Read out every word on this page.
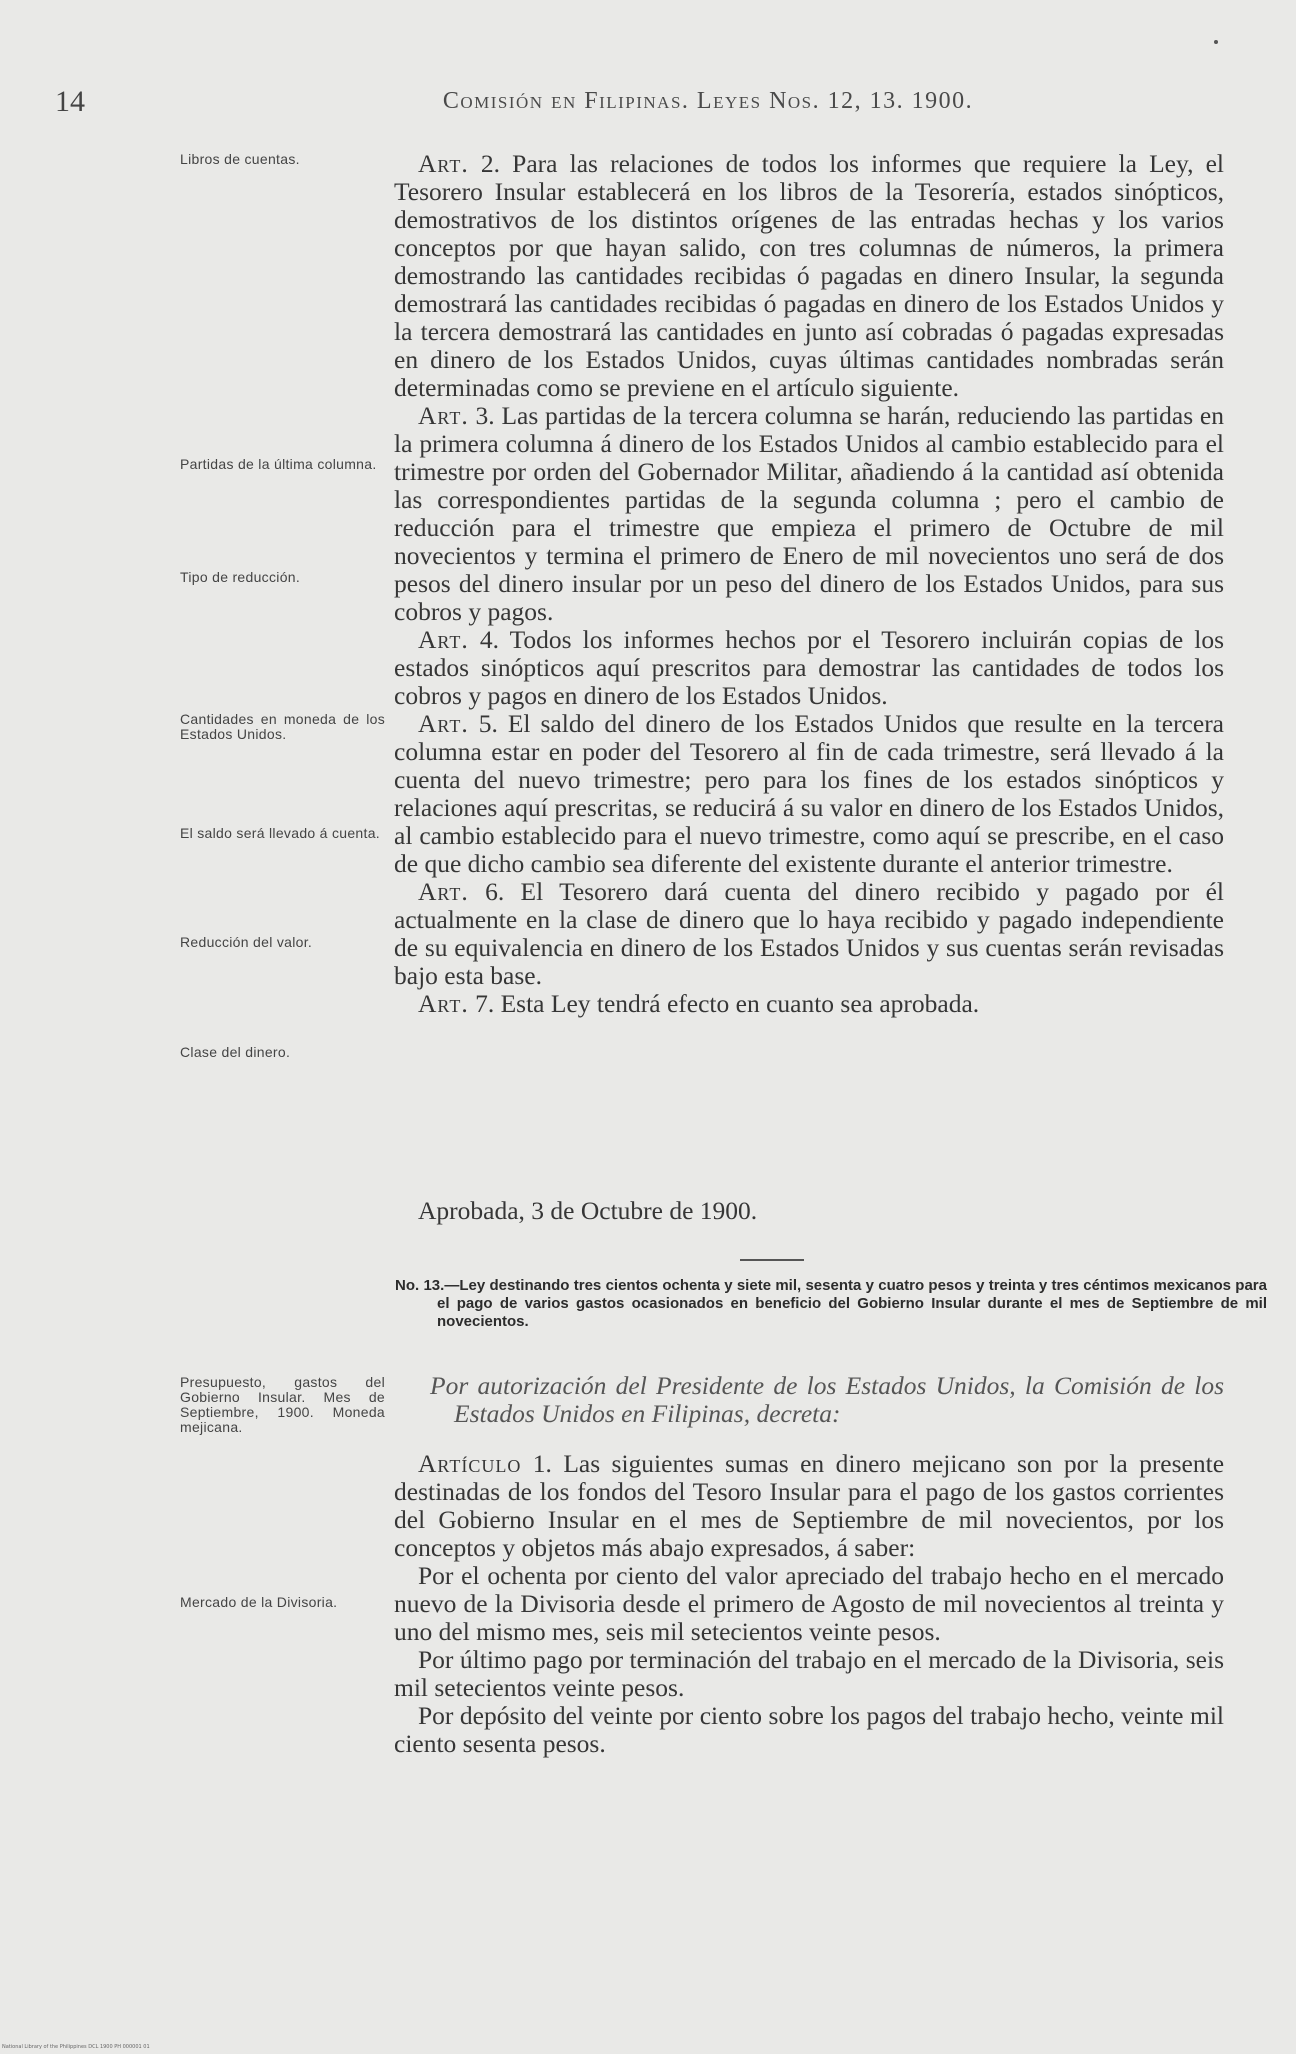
14	Comisión en Filipinas. Leyes Nos. 12, 13. 1900.
Libros de cuentas.
Partidas de la última columna.
Tipo de reducción.
Cantidades en moneda de los Estados Unidos.
El saldo será llevado á cuenta.
Reducción del valor.
Clase del dinero.
Presupuesto, gastos del Gobierno Insular. Mes de Septiembre, 1900. Moneda mejicana.
Mercado de la Divisoria.

Art. 2. Para las relaciones de todos los informes que requiere la Ley, el Tesorero Insular establecerá en los libros de la Tesorería, estados sinópticos, demostrativos de los distintos orígenes de las entradas hechas y los varios conceptos por que hayan salido, con tres columnas de números, la primera demostrando las cantidades recibidas ó pagadas en dinero Insular, la segunda demostrará las cantidades recibidas ó pagadas en dinero de los Estados Unidos y la tercera demostrará las cantidades en junto así cobradas ó pagadas expresadas en dinero de los Estados Unidos, cuyas últimas cantidades nombradas serán determinadas como se previene en el artículo siguiente.

Art. 3. Las partidas de la tercera columna se harán, reduciendo las partidas en la primera columna á dinero de los Estados Unidos al cambio establecido para el trimestre por orden del Gobernador Militar, añadiendo á la cantidad así obtenida las correspondientes partidas de la segunda columna ; pero el cambio de reducción para el trimestre que empieza el primero de Octubre de mil novecientos y termina el primero de Enero de mil novecientos uno será de dos pesos del dinero insular por un peso del dinero de los Estados Unidos, para sus cobros y pagos.

Art. 4. Todos los informes hechos por el Tesorero incluirán copias de los estados sinópticos aquí prescritos para demostrar las cantidades de todos los cobros y pagos en dinero de los Estados Unidos.

Art. 5. El saldo del dinero de los Estados Unidos que resulte en la tercera columna estar en poder del Tesorero al fin de cada trimestre, será llevado á la cuenta del nuevo trimestre; pero para los fines de los estados sinópticos y relaciones aquí prescritas, se reducirá á su valor en dinero de los Estados Unidos, al cambio establecido para el nuevo trimestre, como aquí se prescribe, en el caso de que dicho cambio sea diferente del existente durante el anterior trimestre.

Art. 6. El Tesorero dará cuenta del dinero recibido y pagado por él actualmente en la clase de dinero que lo haya recibido y pagado independiente de su equivalencia en dinero de los Estados Unidos y sus cuentas serán revisadas bajo esta base.

Art. 7. Esta Ley tendrá efecto en cuanto sea aprobada.

Aprobada, 3 de Octubre de 1900.
No. 13.—Ley destinando tres cientos ochenta y siete mil, sesenta y cuatro pesos y treinta y tres céntimos mexicanos para el pago de varios gastos ocasionados en beneficio del Gobierno Insular durante el mes de Septiembre de mil novecientos.

Por autorización del Presidente de los Estados Unidos, la Comisión de los Estados Unidos en Filipinas, decreta:

Artículo 1. Las siguientes sumas en dinero mejicano son por la presente destinadas de los fondos del Tesoro Insular para el pago de los gastos corrientes del Gobierno Insular en el mes de Septiembre de mil novecientos, por los conceptos y objetos más abajo expresados, á saber:

Por el ochenta por ciento del valor apreciado del trabajo hecho en el mercado nuevo de la Divisoria desde el primero de Agosto de mil novecientos al treinta y uno del mismo mes, seis mil setecientos veinte pesos.

Por último pago por terminación del trabajo en el mercado de la Divisoria, seis mil setecientos veinte pesos.

Por depósito del veinte por ciento sobre los pagos del trabajo hecho, veinte mil ciento sesenta pesos.

National Library of the Philippines DCL 1900 PH 000001 01
